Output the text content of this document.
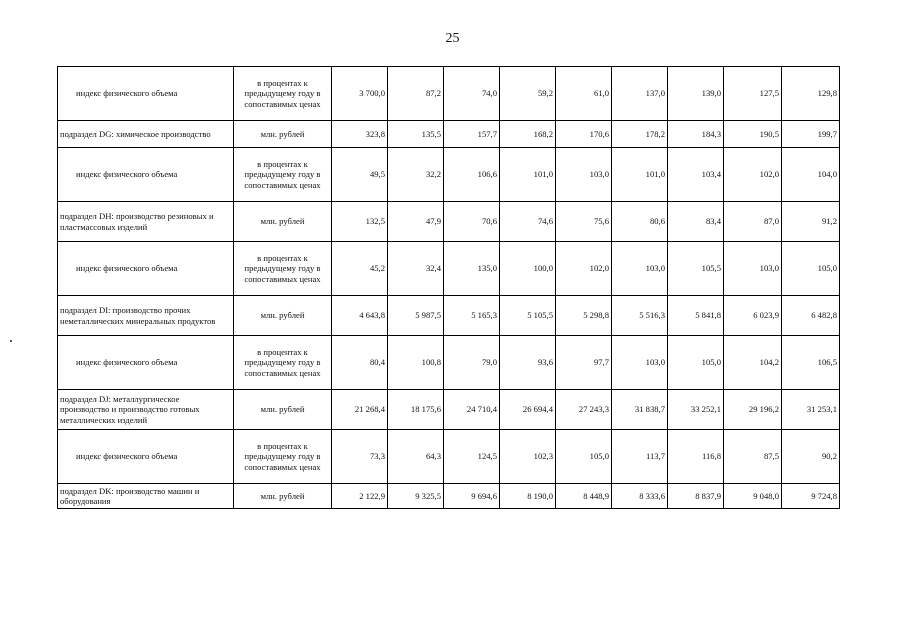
25
индекс физического объема	в процентах к предыдущему году в сопоставимых ценах	3 700,0	87,2	74,0	59,2	61,0	137,0	139,0	127,5	129,8
подраздел DG: химическое производство	млн. рублей	323,8	135,5	157,7	168,2	170,6	178,2	184,3	190,5	199,7
индекс физического объема	в процентах к предыдущему году в сопоставимых ценах	49,5	32,2	106,6	101,0	103,0	101,0	103,4	102,0	104,0
подраздел DH: производство резиновых и пластмассовых изделий	млн. рублей	132,5	47,9	70,6	74,6	75,6	80,6	83,4	87,0	91,2
индекс физического объема	в процентах к предыдущему году в сопоставимых ценах	45,2	32,4	135,0	100,0	102,0	103,0	105,5	103,0	105,0
подраздел DI: производство прочих неметаллических минеральных продуктов	млн. рублей	4 643,8	5 987,5	5 165,3	5 105,5	5 298,8	5 516,3	5 841,8	6 023,9	6 482,8
индекс физического объема	в процентах к предыдущему году в сопоставимых ценах	80,4	100,8	79,0	93,6	97,7	103,0	105,0	104,2	106,5
подраздел DJ: металлургическое производство и производство готовых металлических изделий	млн. рублей	21 268,4	18 175,6	24 710,4	26 694,4	27 243,3	31 838,7	33 252,1	29 196,2	31 253,1
индекс физического объема	в процентах к предыдущему году в сопоставимых ценах	73,3	64,3	124,5	102,3	105,0	113,7	116,8	87,5	90,2
подраздел DK: производство машин и оборудования	млн. рублей	2 122,9	9 325,5	9 694,6	8 190,0	8 448,9	8 333,6	8 837,9	9 048,0	9 724,8
